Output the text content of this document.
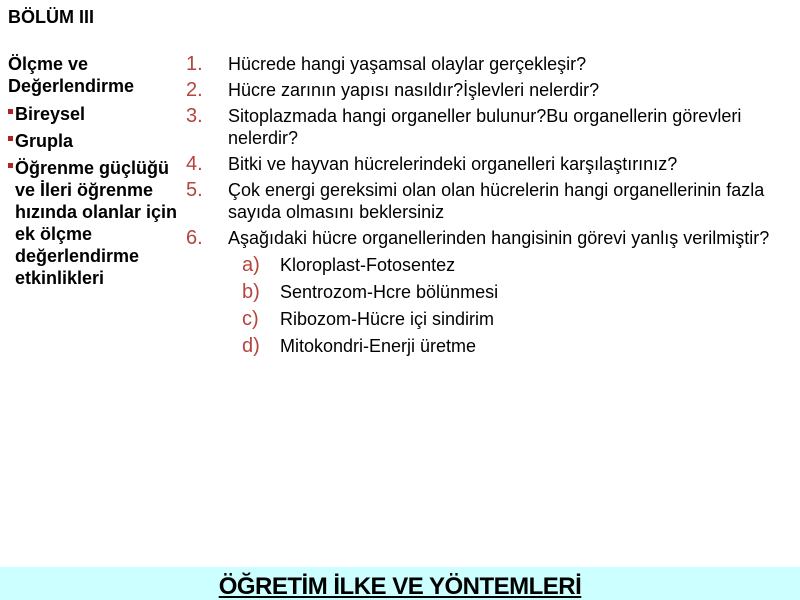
BÖLÜM III
Ölçme ve Değerlendirme
Bireysel
Grupla
Öğrenme güçlüğü ve İleri öğrenme hızında olanlar için ek ölçme değerlendirme etkinlikleri
1.	Hücrede hangi yaşamsal olaylar gerçekleşir?
2.	Hücre zarının yapısı nasıldır?İşlevleri nelerdir?
3.	Sitoplazmada hangi organeller bulunur?Bu organellerin görevleri nelerdir?
4.	Bitki ve hayvan hücrelerindeki organelleri karşılaştırınız?
5.	Çok energi gereksimi olan olan hücrelerin hangi organellerinin fazla sayıda olmasını beklersiniz
6.	Aşağıdaki hücre organellerinden hangisinin görevi yanlış verilmiştir?
a)	Kloroplast-Fotosentez
b)	Sentrozom-Hcre bölünmesi
c)	Ribozom-Hücre içi sindirim
d)	Mitokondri-Enerji üretme
ÖĞRETİM İLKE VE YÖNTEMLERİ
